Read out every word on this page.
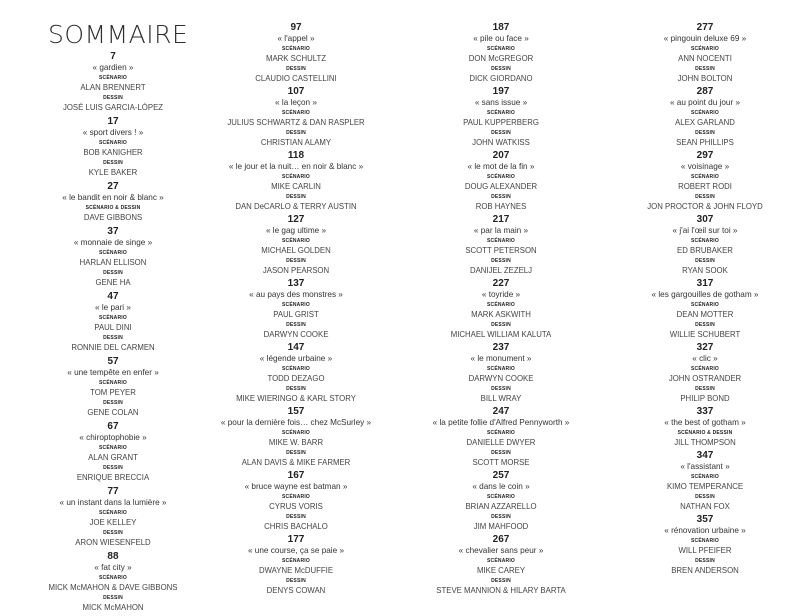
SOMMAIRE
7
« gardien »
SCÉNARIO
ALAN BRENNERT
DESSIN
JOSÉ LUIS GARCIA-LÓPEZ
17
« sport divers ! »
SCÉNARIO
BOB KANIGHER
DESSIN
KYLE BAKER
27
« le bandit en noir & blanc »
SCÉNARIO & DESSIN
DAVE GIBBONS
37
« monnaie de singe »
SCÉNARIO
HARLAN ELLISON
DESSIN
GENE HA
47
« le pari »
SCÉNARIO
PAUL DINI
DESSIN
RONNIE DEL CARMEN
57
« une tempête en enfer »
SCÉNARIO
TOM PEYER
DESSIN
GENE COLAN
67
« chiroptophobie »
SCÉNARIO
ALAN GRANT
DESSIN
ENRIQUE BRECCIA
77
« un instant dans la lumière »
SCÉNARIO
JOE KELLEY
DESSIN
ARON WIESENFELD
88
« fat city »
SCÉNARIO
MICK McMAHON & DAVE GIBBONS
DESSIN
MICK McMAHON
97
« l'appel »
SCÉNARIO
MARK SCHULTZ
DESSIN
CLAUDIO CASTELLINI
107
« la leçon »
SCÉNARIO
JULIUS SCHWARTZ & DAN RASPLER
DESSIN
CHRISTIAN ALAMY
118
« le jour et la nuit… en noir & blanc »
SCÉNARIO
MIKE CARLIN
DESSIN
DAN DeCARLO & TERRY AUSTIN
127
« le gag ultime »
SCÉNARIO
MICHAEL GOLDEN
DESSIN
JASON PEARSON
137
« au pays des monstres »
SCÉNARIO
PAUL GRIST
DESSIN
DARWYN COOKE
147
« légende urbaine »
SCÉNARIO
TODD DEZAGO
DESSIN
MIKE WIERINGO & KARL STORY
157
« pour la dernière fois… chez McSurley »
SCÉNARIO
MIKE W. BARR
DESSIN
ALAN DAVIS & MIKE FARMER
167
« bruce wayne est batman »
SCÉNARIO
CYRUS VORIS
DESSIN
CHRIS BACHALO
177
« une course, ça se paie »
SCÉNARIO
DWAYNE McDUFFIE
DESSIN
DENYS COWAN
187
« pile ou face »
SCÉNARIO
DON McGREGOR
DESSIN
DICK GIORDANO
197
« sans issue »
SCÉNARIO
PAUL KUPPERBERG
DESSIN
JOHN WATKISS
207
« le mot de la fin »
SCÉNARIO
DOUG ALEXANDER
DESSIN
ROB HAYNES
217
« par la main »
SCÉNARIO
SCOTT PETERSON
DESSIN
DANIJEL ZEZELJ
227
« toyride »
SCÉNARIO
MARK ASKWITH
DESSIN
MICHAEL WILLIAM KALUTA
237
« le monument »
SCÉNARIO
DARWYN COOKE
DESSIN
BILL WRAY
247
« la petite follie d'Alfred Pennyworth »
SCÉNARIO
DANIELLE DWYER
DESSIN
SCOTT MORSE
257
« dans le coin »
SCÉNARIO
BRIAN AZZARELLO
DESSIN
JIM MAHFOOD
267
« chevalier sans peur »
SCÉNARIO
MIKE CAREY
DESSIN
STEVE MANNION & HILARY BARTA
277
« pingouin deluxe 69 »
SCÉNARIO
ANN NOCENTI
DESSIN
JOHN BOLTON
287
« au point du jour »
SCÉNARIO
ALEX GARLAND
DESSIN
SEAN PHILLIPS
297
« voisinage »
SCÉNARIO
ROBERT RODI
DESSIN
JON PROCTOR & JOHN FLOYD
307
« j'ai l'œil sur toi »
SCÉNARIO
ED BRUBAKER
DESSIN
RYAN SOOK
317
« les gargouilles de gotham »
SCÉNARIO
DEAN MOTTER
DESSIN
WILLIE SCHUBERT
327
« clic »
SCÉNARIO
JOHN OSTRANDER
DESSIN
PHILIP BOND
337
« the best of gotham »
SCÉNARIO & DESSIN
JILL THOMPSON
347
« l'assistant »
SCÉNARIO
KIMO TEMPERANCE
DESSIN
NATHAN FOX
357
« rénovation urbaine »
SCÉNARIO
WILL PFEIFER
DESSIN
BREN ANDERSON
